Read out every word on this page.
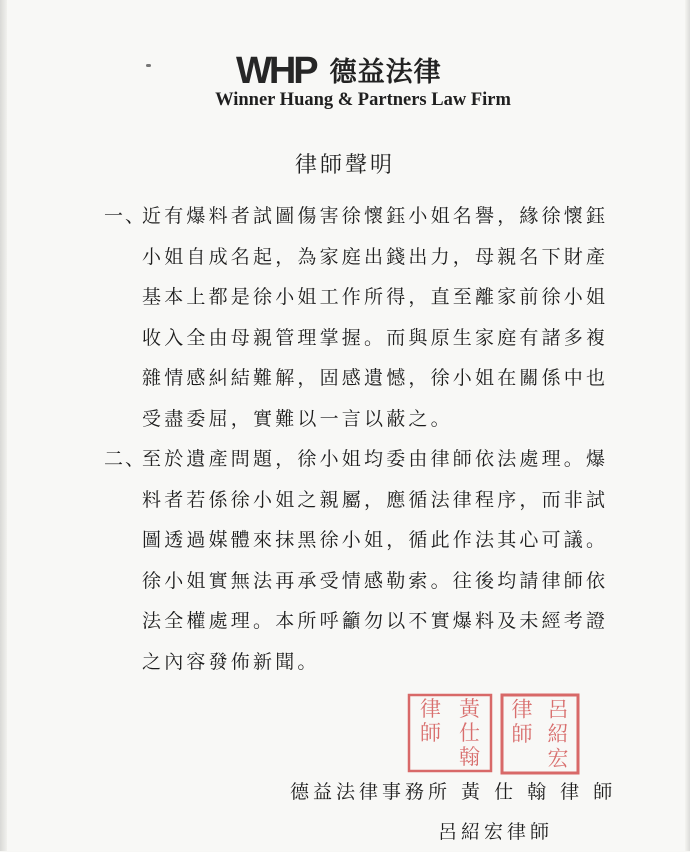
WHP 德益法律
Winner Huang & Partners Law Firm
律師聲明
一、
近有爆料者試圖傷害徐懷鈺小姐名譽，緣徐懷鈺
小姐自成名起，為家庭出錢出力，母親名下財產
基本上都是徐小姐工作所得，直至離家前徐小姐
收入全由母親管理掌握。而與原生家庭有諸多複
雜情感糾結難解，固感遺憾，徐小姐在關係中也
受盡委屈，實難以一言以蔽之。
二、
至於遺產問題，徐小姐均委由律師依法處理。爆
料者若係徐小姐之親屬，應循法律程序，而非試
圖透過媒體來抹黑徐小姐，循此作法其心可議。
徐小姐實無法再承受情感勒索。往後均請律師依
法全權處理。本所呼籲勿以不實爆料及未經考證
之內容發佈新聞。
黃
仕
翰
律
師
呂
紹
宏
律
師
德益法律事務所 黃 仕 翰 律 師
呂紹宏律師
